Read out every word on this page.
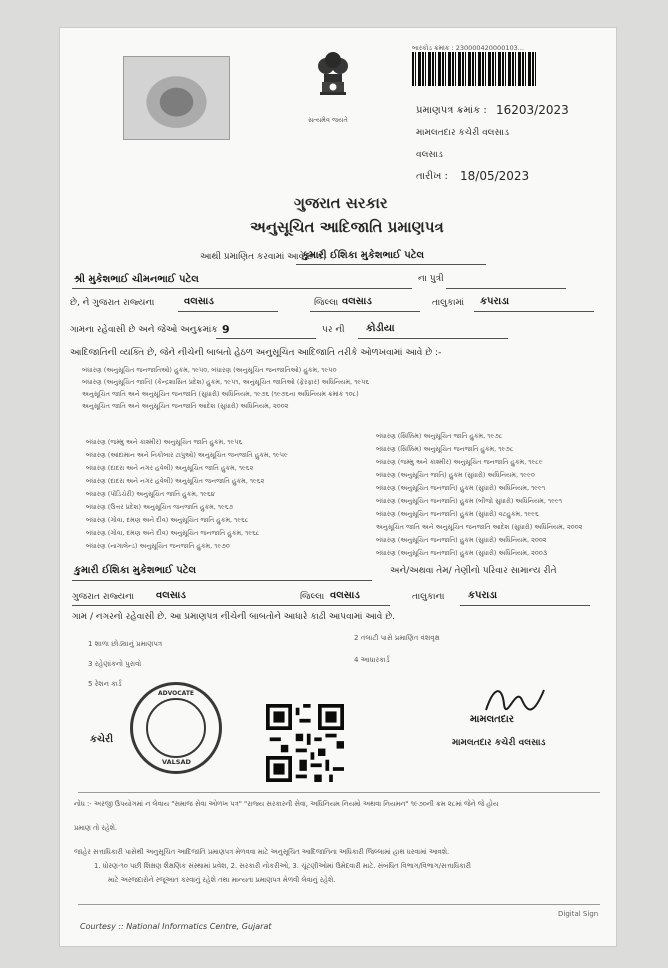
સત્યમેવ જયતે
બારકોડ ક્રમાંક : 230000420000103...
પ્રમાણપત્ર ક્રમાંક : 16203/2023
મામલતદાર કચેરી વલસાડ
વલસાડ
તારીખ : 18/05/2023
ગુજરાત સરકાર
અનુસૂચિત આદિજાતિ પ્રમાણપત્ર
આથી પ્રમાણિત કરવામાં આવે છે કે,
કુમારી ઈશિકા મુકેશભાઈ પટેલ
શ્રી મુકેશભાઈ ચીમનભાઈ પટેલ	ના પુત્રી
છે, ને ગુજરાત રાજ્યના	વલસાડ	જિલ્લા વલસાડ	તાલુકામાં કપરાડા
ગામના રહેવાસી છે અને જેઓ અનુક્રમાંક 9	પર ની કોડીયા
આદિજાતિની વ્યક્તિ છે, જેને નીચેની બાબતો હેઠળ અનુસૂચિત આદિજાતિ તરીકે ઓળખવામાં આવે છે :-
બંધારણ (અનુસૂચિત જનજાતિઓ) હુકમ, ૧૯૫૦, બંધારણ (અનુસૂચિત જનજાતિઓ) હુકમ, ૧૯૫૦
બંધારણ (અનુસૂચિત જાતિ) (કેન્દ્રશાસિત પ્રદેશ) હુકમ, ૧૯૫૧, અનુસૂચિત જાતિઓ (ફેરફાર) અધિનિયમ, ૧૯૫૬
અનુસૂચિત જાતિ અને અનુસૂચિત જનજાતિ (સુધારો) અધિનિયમ, ૧૯૭૬ (૧૯૭૬ના અધિનિયમ ક્રમાંક ૧૦૮)
અનુસૂચિત જાતિ અને અનુસૂચિત જનજાતિ આદેશ (સુધારો) અધિનિયમ, ૨૦૦૨
બંધારણ (જમ્મુ અને કાશ્મીર) અનુસૂચિત જાતિ હુકમ, ૧૯૫૬
બંધારણ (આંદામાન અને નિકોબાર ટાપુઓ) અનુસૂચિત જનજાતિ હુકમ, ૧૯૫૯
બંધારણ (દાદરા અને નગર હવેલી) અનુસૂચિત જાતિ હુકમ, ૧૯૬૨
બંધારણ (દાદરા અને નગર હવેલી) અનુસૂચિત જનજાતિ હુકમ, ૧૯૬૨
બંધારણ (પોંડિચેરી) અનુસૂચિત જાતિ હુકમ, ૧૯૬૪
બંધારણ (ઉત્તર પ્રદેશ) અનુસૂચિત જનજાતિ હુકમ, ૧૯૬૭
બંધારણ (ગોવા, દમણ અને દીવ) અનુસૂચિત જાતિ હુકમ, ૧૯૬૮
બંધારણ (ગોવા, દમણ અને દીવ) અનુસૂચિત જનજાતિ હુકમ, ૧૯૬૮
બંધારણ (નાગાલેન્ડ) અનુસૂચિત જનજાતિ હુકમ, ૧૯૭૦
બંધારણ (સિક્કિમ) અનુસૂચિત જાતિ હુકમ, ૧૯૭૮
બંધારણ (સિક્કિમ) અનુસૂચિત જનજાતિ હુકમ, ૧૯૭૮
બંધારણ (જમ્મુ અને કાશ્મીર) અનુસૂચિત જનજાતિ હુકમ, ૧૯૮૯
બંધારણ (અનુસૂચિત જાતિ) હુકમ (સુધારો) અધિનિયમ, ૧૯૯૦
બંધારણ (અનુસૂચિત જનજાતિ) હુકમ (સુધારો) અધિનિયમ, ૧૯૯૧
બંધારણ (અનુસૂચિત જનજાતિ) હુકમ (બીજો સુધારો) અધિનિયમ, ૧૯૯૧
બંધારણ (અનુસૂચિત જનજાતિ) હુકમ (સુધારો) વટહુકમ, ૧૯૯૬
અનુસૂચિત જાતિ અને અનુસૂચિત જનજાતિ આદેશ (સુધારો) અધિનિયમ, ૨૦૦૨
બંધારણ (અનુસૂચિત જનજાતિ) હુકમ (સુધારો) અધિનિયમ, ૨૦૦૨
બંધારણ (અનુસૂચિત જનજાતિ) હુકમ (સુધારો) અધિનિયમ, ૨૦૦૩
કુમારી ઈશિકા મુકેશભાઈ પટેલ	અને/અથવા તેમ/ તેણીનો પરિવાર સામાન્ય રીતે
ગુજરાત રાજ્યના વલસાડ	જિલ્લા વલસાડ	તાલુકાના કપરાડા
ગામ / નગરનો રહેવાસી છે. આ પ્રમાણપત્ર નીચેની બાબતોને આધારે કાઢી આપવામાં આવે છે.
1 શાળા છોડ્યાનું પ્રમાણપત્ર
2 તલાટી પાસે પ્રમાણિત વંશવૃક્ષ
3 રહેણાંકનો પુરાવો	4 આધારકાર્ડ
5 રેશન કાર્ડ
કચેરી
ADVOCATE
VALSAD
મામલતદાર
મામલતદાર કચેરી વલસાડ
નોંધ :- અરજી ઉપયોગમાં ન લેવાય "સમાજ સેવા ઓળખ પત્ર" "રાજ્ય સરકારની સેવા, અધિનિયમ નિયમો અથવા નિયમન" ૧૯૭૦ની ક્રમ ૨૮માં જેને જે હોય
પ્રમાણ તો રહેશે.
જાહેર સત્તાધિકારી પાસેથી અનુસૂચિત આદિજાતિ પ્રમાણપત્ર મેળવવા માટે અનુસૂચિત આદિજાતિના અધિકારી જિલ્લામાં હાથ ધરવામાં આવશે.
1. ધોરણ-૧૦ પછી શિક્ષણ શૈક્ષણિક સંસ્થામાં પ્રવેશ, 2. સરકારી નોકરીઓ, 3. ચૂંટણીઓમાં ઉમેદવારી માટે. સંબંધિત વિભાગ/વિભાગ/સત્તાધિકારી
માટે અરજદારોને રજૂઆત કરવાનું રહેશે તથા માન્યતા પ્રમાણપત્ર મેળવી લેવાનું રહેશે.
Courtesy :: National Informatics Centre, Gujarat
Digital Sign
